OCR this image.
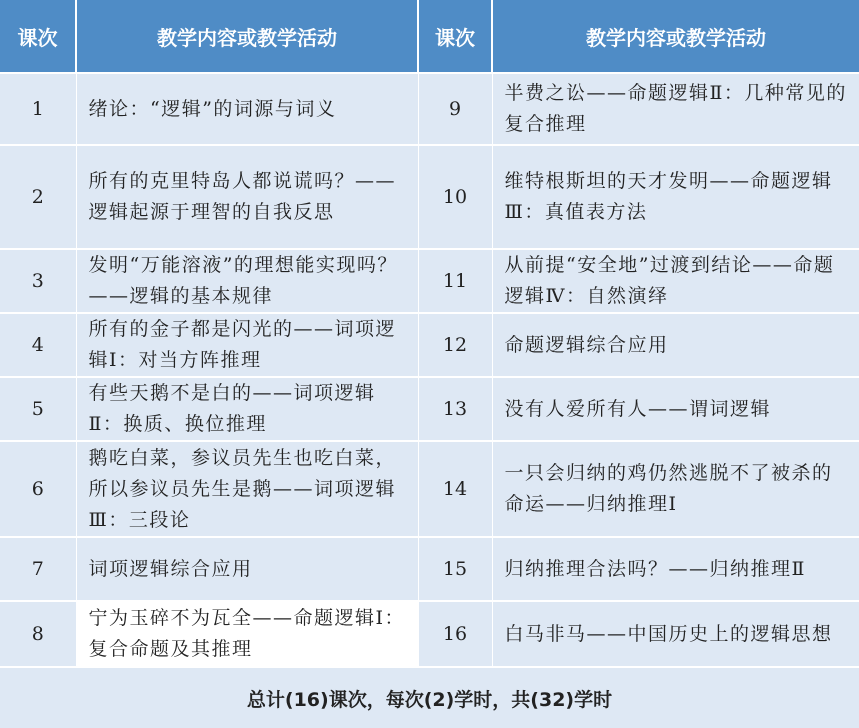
课次	教学内容或教学活动	课次	教学内容或教学活动
1	绪论：“逻辑”的词源与词义	9	半费之讼——命题逻辑Ⅱ：几种常见的复合推理
2	所有的克里特岛人都说谎吗？——逻辑起源于理智的自我反思	10	维特根斯坦的天才发明——命题逻辑Ⅲ：真值表方法
3	发明“万能溶液”的理想能实现吗？——逻辑的基本规律	11	从前提“安全地”过渡到结论——命题逻辑Ⅳ：自然演绎
4	所有的金子都是闪光的——词项逻辑Ⅰ：对当方阵推理	12	命题逻辑综合应用
5	有些天鹅不是白的——词项逻辑Ⅱ：换质、换位推理	13	没有人爱所有人——谓词逻辑
6	鹅吃白菜，参议员先生也吃白菜，所以参议员先生是鹅——词项逻辑Ⅲ：三段论	14	一只会归纳的鸡仍然逃脱不了被杀的命运——归纳推理Ⅰ
7	词项逻辑综合应用	15	归纳推理合法吗？——归纳推理Ⅱ
8	宁为玉碎不为瓦全——命题逻辑Ⅰ：复合命题及其推理	16	白马非马——中国历史上的逻辑思想
总计(16)课次，每次(2)学时，共(32)学时			
